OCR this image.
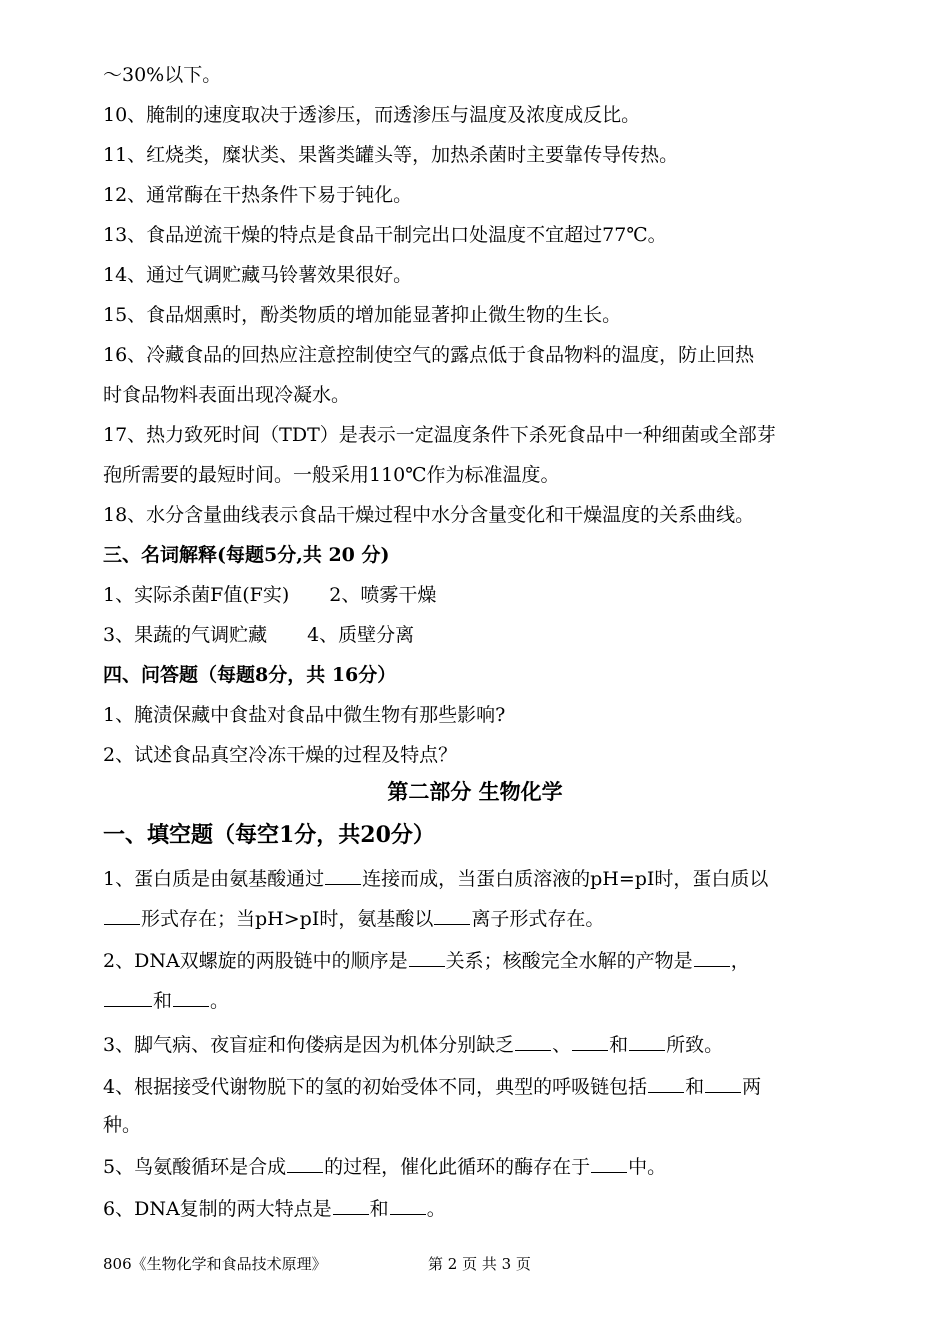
～30%以下。
10、腌制的速度取决于透渗压，而透渗压与温度及浓度成反比。
11、红烧类，糜状类、果酱类罐头等，加热杀菌时主要靠传导传热。
12、通常酶在干热条件下易于钝化。
13、食品逆流干燥的特点是食品干制完出口处温度不宜超过77℃。
14、通过气调贮藏马铃薯效果很好。
15、食品烟熏时，酚类物质的增加能显著抑止微生物的生长。
16、冷藏食品的回热应注意控制使空气的露点低于食品物料的温度，防止回热
时食品物料表面出现冷凝水。
17、热力致死时间（TDT）是表示一定温度条件下杀死食品中一种细菌或全部芽
孢所需要的最短时间。一般采用110℃作为标准温度。
18、水分含量曲线表示食品干燥过程中水分含量变化和干燥温度的关系曲线。
三、名词解释(每题5分,共 20 分)
1、实际杀菌F值(F实) 2、喷雾干燥
3、果蔬的气调贮藏 4、质壁分离
四、问答题（每题8分，共 16分）
1、腌渍保藏中食盐对食品中微生物有那些影响?
2、试述食品真空冷冻干燥的过程及特点？
第二部分 生物化学
一、填空题（每空1分，共20分）
1、蛋白质是由氨基酸通过 连接而成，当蛋白质溶液的pH=pI时，蛋白质以
形式存在；当pH>pI时，氨基酸以 离子形式存在。
2、DNA双螺旋的两股链中的顺序是 关系；核酸完全水解的产物是 ，
和 。
3、脚气病、夜盲症和佝偻病是因为机体分别缺乏 、 和 所致。
4、根据接受代谢物脱下的氢的初始受体不同，典型的呼吸链包括 和 两
种。
5、鸟氨酸循环是合成 的过程，催化此循环的酶存在于 中。
6、DNA复制的两大特点是 和 。
806《生物化学和食品技术原理》	第 2 页 共 3 页
